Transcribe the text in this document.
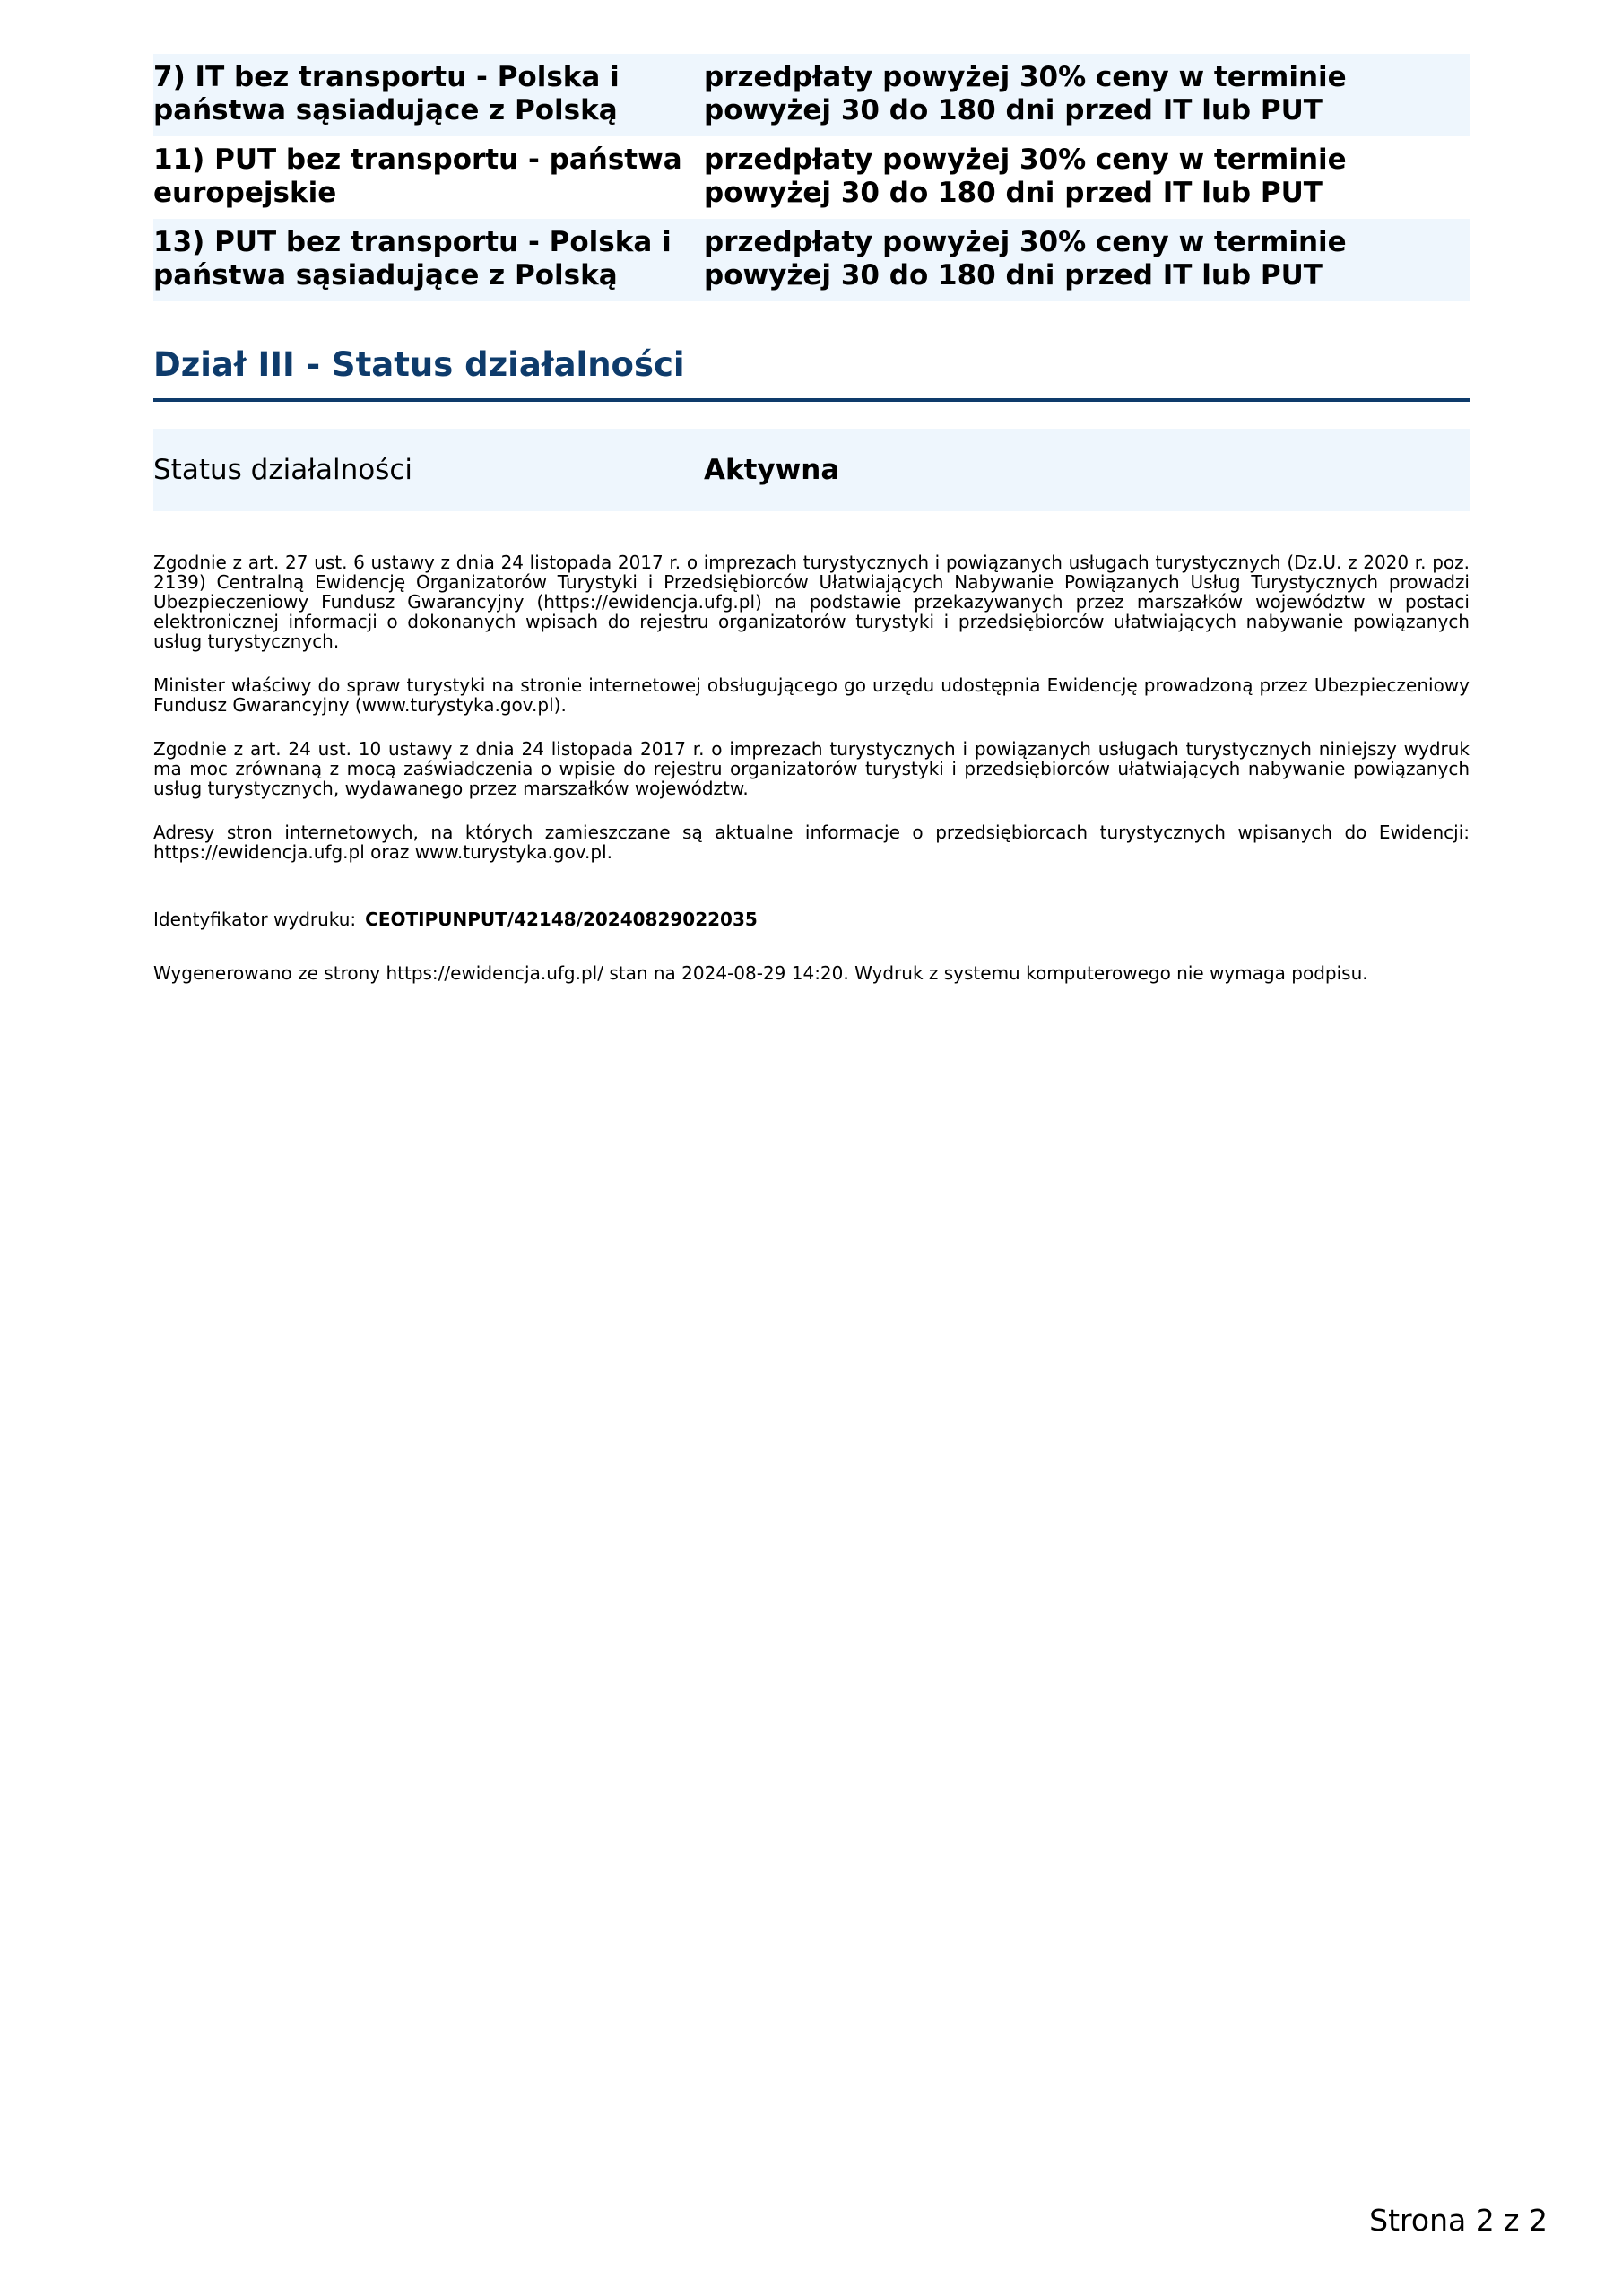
7) IT bez transportu - Polska i państwa sąsiadujące z Polską
przedpłaty powyżej 30% ceny w terminie powyżej 30 do 180 dni przed IT lub PUT
11) PUT bez transportu - państwa europejskie
przedpłaty powyżej 30% ceny w terminie powyżej 30 do 180 dni przed IT lub PUT
13) PUT bez transportu - Polska i państwa sąsiadujące z Polską
przedpłaty powyżej 30% ceny w terminie powyżej 30 do 180 dni przed IT lub PUT
Dział III - Status działalności
Status działalności	Aktywna

Zgodnie z art. 27 ust. 6 ustawy z dnia 24 listopada 2017 r. o imprezach turystycznych i powiązanych usługach turystycznych (Dz.U. z 2020 r. poz. 2139) Centralną Ewidencję Organizatorów Turystyki i Przedsiębiorców Ułatwiających Nabywanie Powiązanych Usług Turystycznych prowadzi Ubezpieczeniowy Fundusz Gwarancyjny (https://ewidencja.ufg.pl) na podstawie przekazywanych przez marszałków województw w postaci elektronicznej informacji o dokonanych wpisach do rejestru organizatorów turystyki i przedsiębiorców ułatwiających nabywanie powiązanych usług turystycznych.

Minister właściwy do spraw turystyki na stronie internetowej obsługującego go urzędu udostępnia Ewidencję prowadzoną przez Ubezpieczeniowy Fundusz Gwarancyjny (www.turystyka.gov.pl).

Zgodnie z art. 24 ust. 10 ustawy z dnia 24 listopada 2017 r. o imprezach turystycznych i powiązanych usługach turystycznych niniejszy wydruk ma moc zrównaną z mocą zaświadczenia o wpisie do rejestru organizatorów turystyki i przedsiębiorców ułatwiających nabywanie powiązanych usług turystycznych, wydawanego przez marszałków województw.

Adresy stron internetowych, na których zamieszczane są aktualne informacje o przedsiębiorcach turystycznych wpisanych do Ewidencji: https://ewidencja.ufg.pl oraz www.turystyka.gov.pl.

Identyfikator wydruku: CEOTIPUNPUT/42148/20240829022035
Wygenerowano ze strony https://ewidencja.ufg.pl/ stan na 2024-08-29 14:20. Wydruk z systemu komputerowego nie wymaga podpisu.
Strona 2 z 2
